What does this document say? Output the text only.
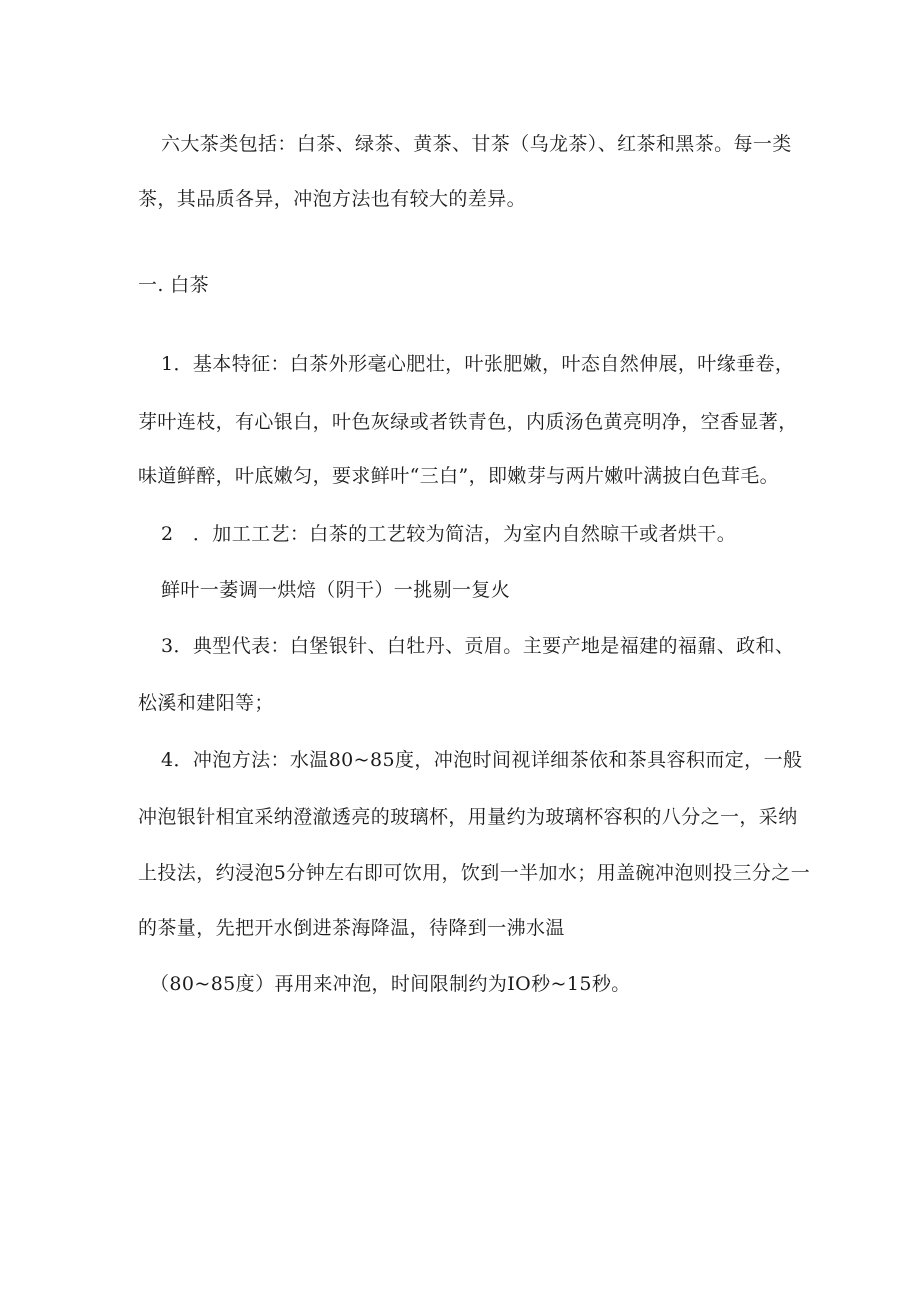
六大茶类包括：白茶、绿茶、黄茶、甘茶（乌龙茶）、红茶和黑茶。每一类

茶，其品质各异，冲泡方法也有较大的差异。

一. 白茶

1．基本特征：白茶外形毫心肥壮，叶张肥嫩，叶态自然伸展，叶缘垂卷，

芽叶连枝，有心银白，叶色灰绿或者铁青色，内质汤色黄亮明净，空香显著，

味道鲜醉，叶底嫩匀，要求鲜叶“三白”，即嫩芽与两片嫩叶满披白色茸毛。

2　．加工工艺：白茶的工艺较为简洁，为室内自然晾干或者烘干。

鲜叶一萎调一烘焙（阴干）一挑剔一复火

3．典型代表：白堡银针、白牡丹、贡眉。主要产地是福建的福鼐、政和、

松溪和建阳等；

4．冲泡方法：水温80~85度，冲泡时间视详细茶依和茶具容积而定，一般

冲泡银针相宜采纳澄澈透亮的玻璃杯，用量约为玻璃杯容积的八分之一，采纳

上投法，约浸泡5分钟左右即可饮用，饮到一半加水；用盖碗冲泡则投三分之一

的茶量，先把开水倒进茶海降温，待降到一沸水温

（80~85度）再用来冲泡，时间限制约为IO秒~15秒。
